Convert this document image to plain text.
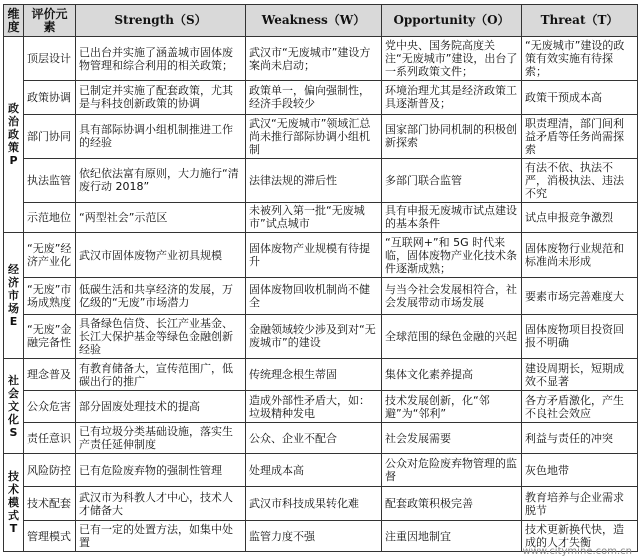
维度	评价元素	Strength（S）	Weakness（W）	Opportunity（O）	Threat（T）

政治政策P	顶层设计	已出台并实施了涵盖城市固体废物管理和综合利用的相关政策；	武汉市“无废城市”建设方案尚未启动；	党中央、国务院高度关注“无废城市”建设，出台了一系列政策文件；	“无废城市”建设的政策有效实施有待探索；
	政策协调	已制定并实施了配套政策，尤其是与科技创新政策的协调	政策单一，偏向强制性，经济手段较少	环境治理尤其是经济政策工具逐渐普及；	政策干预成本高
	部门协同	具有部际协调小组机制推进工作的经验	武汉“无废城市”领域汇总尚未推行部际协调小组机制	国家部门协同机制的积极创新探索	职责理清，部门间利益矛盾等任务尚需探索
	执法监管	依纪依法富有原则，大力施行“清废行动 2018”	法律法规的滞后性	多部门联合监管	有法不依、执法不严，消极执法、违法不究
	示范地位	“两型社会”示范区	未被列入第一批“无废城市”试点城市	具有申报无废城市试点建设的基本条件	试点申报竞争激烈

经济市场E	“无废”经济产业化	武汉市固体废物产业初具规模	固体废物产业规模有待提升	“互联网+”和 5G 时代来临，固体废物产业化技术条件逐渐成熟；	固体废物行业规范和标准尚未形成
	“无废”市场成熟度	低碳生活和共享经济的发展，万亿级的“无废”市场潜力	固体废物回收机制尚不健全	与当今社会发展相符合，社会发展带动市场发展	要素市场完善难度大
	“无废”金融完备性	具备绿色信贷、长江产业基金、长江大保护基金等绿色金融创新经验	金融领域较少涉及到对“无废城市”的建设	全球范围的绿色金融的兴起	固体废物项目投资回报不明确

社会文化S	理念普及	有教育储备大，宣传范围广，低碳出行的推广	传统理念根生蒂固	集体文化素养提高	建设周期长，短期成效不显著
	公众危害	部分固废处理技术的提高	造成外部性矛盾大，如：垃圾精种发电	技术发展创新，化“邻避”为“邻利”	各方矛盾激化，产生不良社会效应
	责任意识	已有垃圾分类基础设施，落实生产责任延伸制度	公众、企业不配合	社会发展需要	利益与责任的冲突

技术模式T	风险防控	已有危险废弃物的强制性管理	处理成本高	公众对危险废弃物管理的监督	灰色地带
	技术配套	武汉市为科教人才中心，技术人才储备大	武汉市科技成果转化难	配套政策积极完善	教育培养与企业需求脱节
	管理模式	已有一定的处置方法，如集中处置	监管力度不强	注重因地制宜	技术更新换代快，造成的人才失衡
www.citymine.com.cn
